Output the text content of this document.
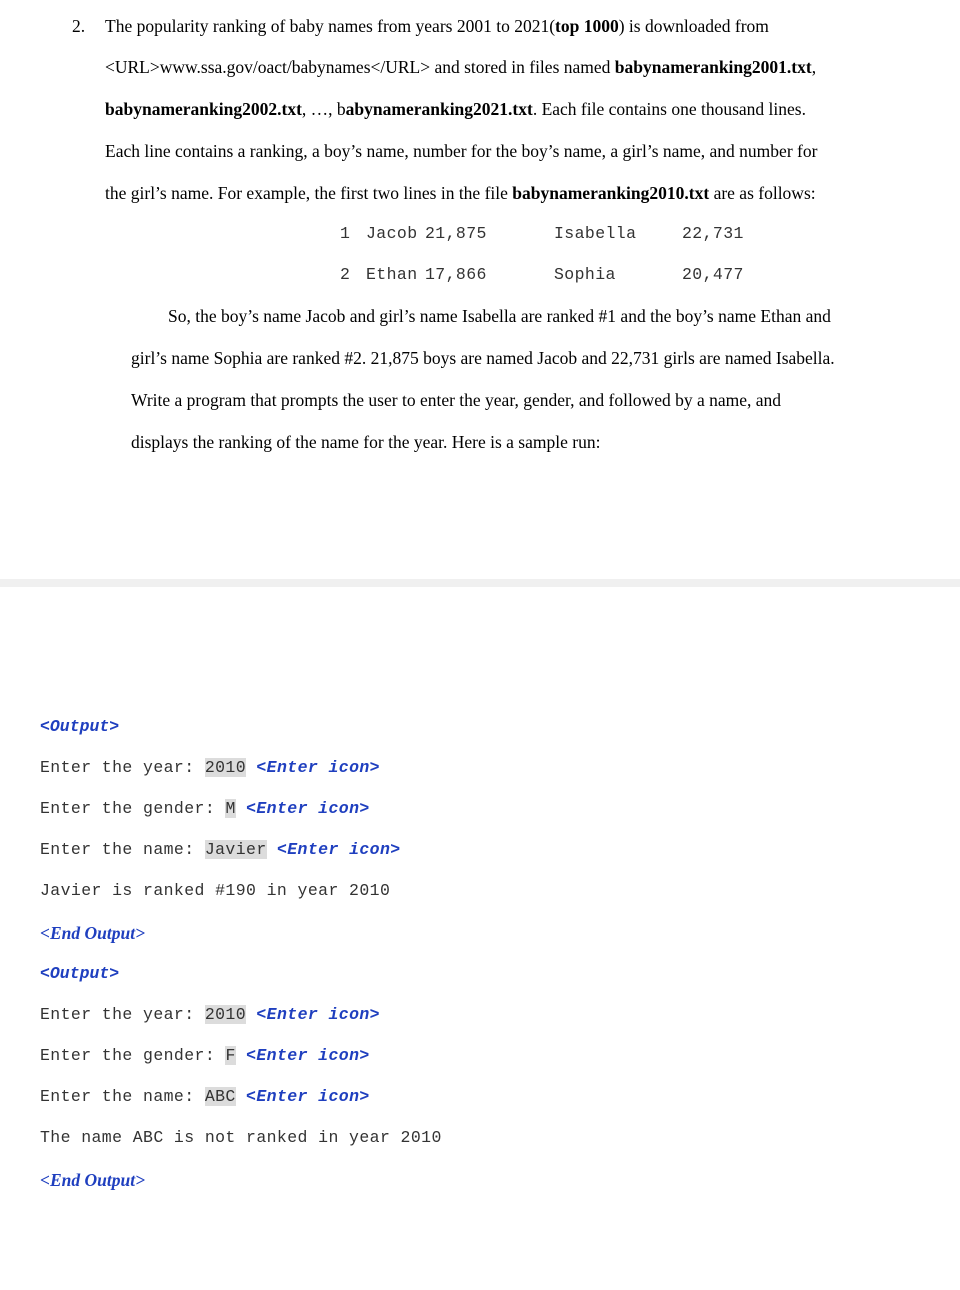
2. The popularity ranking of baby names from years 2001 to 2021(top 1000) is downloaded from
<URL>www.ssa.gov/oact/babynames</URL> and stored in files named babynameranking2001.txt,
babynameranking2002.txt, …, babynameranking2021.txt. Each file contains one thousand lines.
Each line contains a ranking, a boy’s name, number for the boy’s name, a girl’s name, and number for
the girl’s name. For example, the first two lines in the file babynameranking2010.txt are as follows:
1 Jacob 21,875	Isabella	22,731
2 Ethan 17,866	Sophia	20,477
So, the boy’s name Jacob and girl’s name Isabella are ranked #1 and the boy’s name Ethan and
girl’s name Sophia are ranked #2. 21,875 boys are named Jacob and 22,731 girls are named Isabella.
Write a program that prompts the user to enter the year, gender, and followed by a name, and
displays the ranking of the name for the year. Here is a sample run:
<Output>
Enter the year: 2010 <Enter icon>
Enter the gender: M <Enter icon>
Enter the name: Javier <Enter icon>
Javier is ranked #190 in year 2010
<End Output>
<Output>
Enter the year: 2010 <Enter icon>
Enter the gender: F <Enter icon>
Enter the name: ABC <Enter icon>
The name ABC is not ranked in year 2010
<End Output>
